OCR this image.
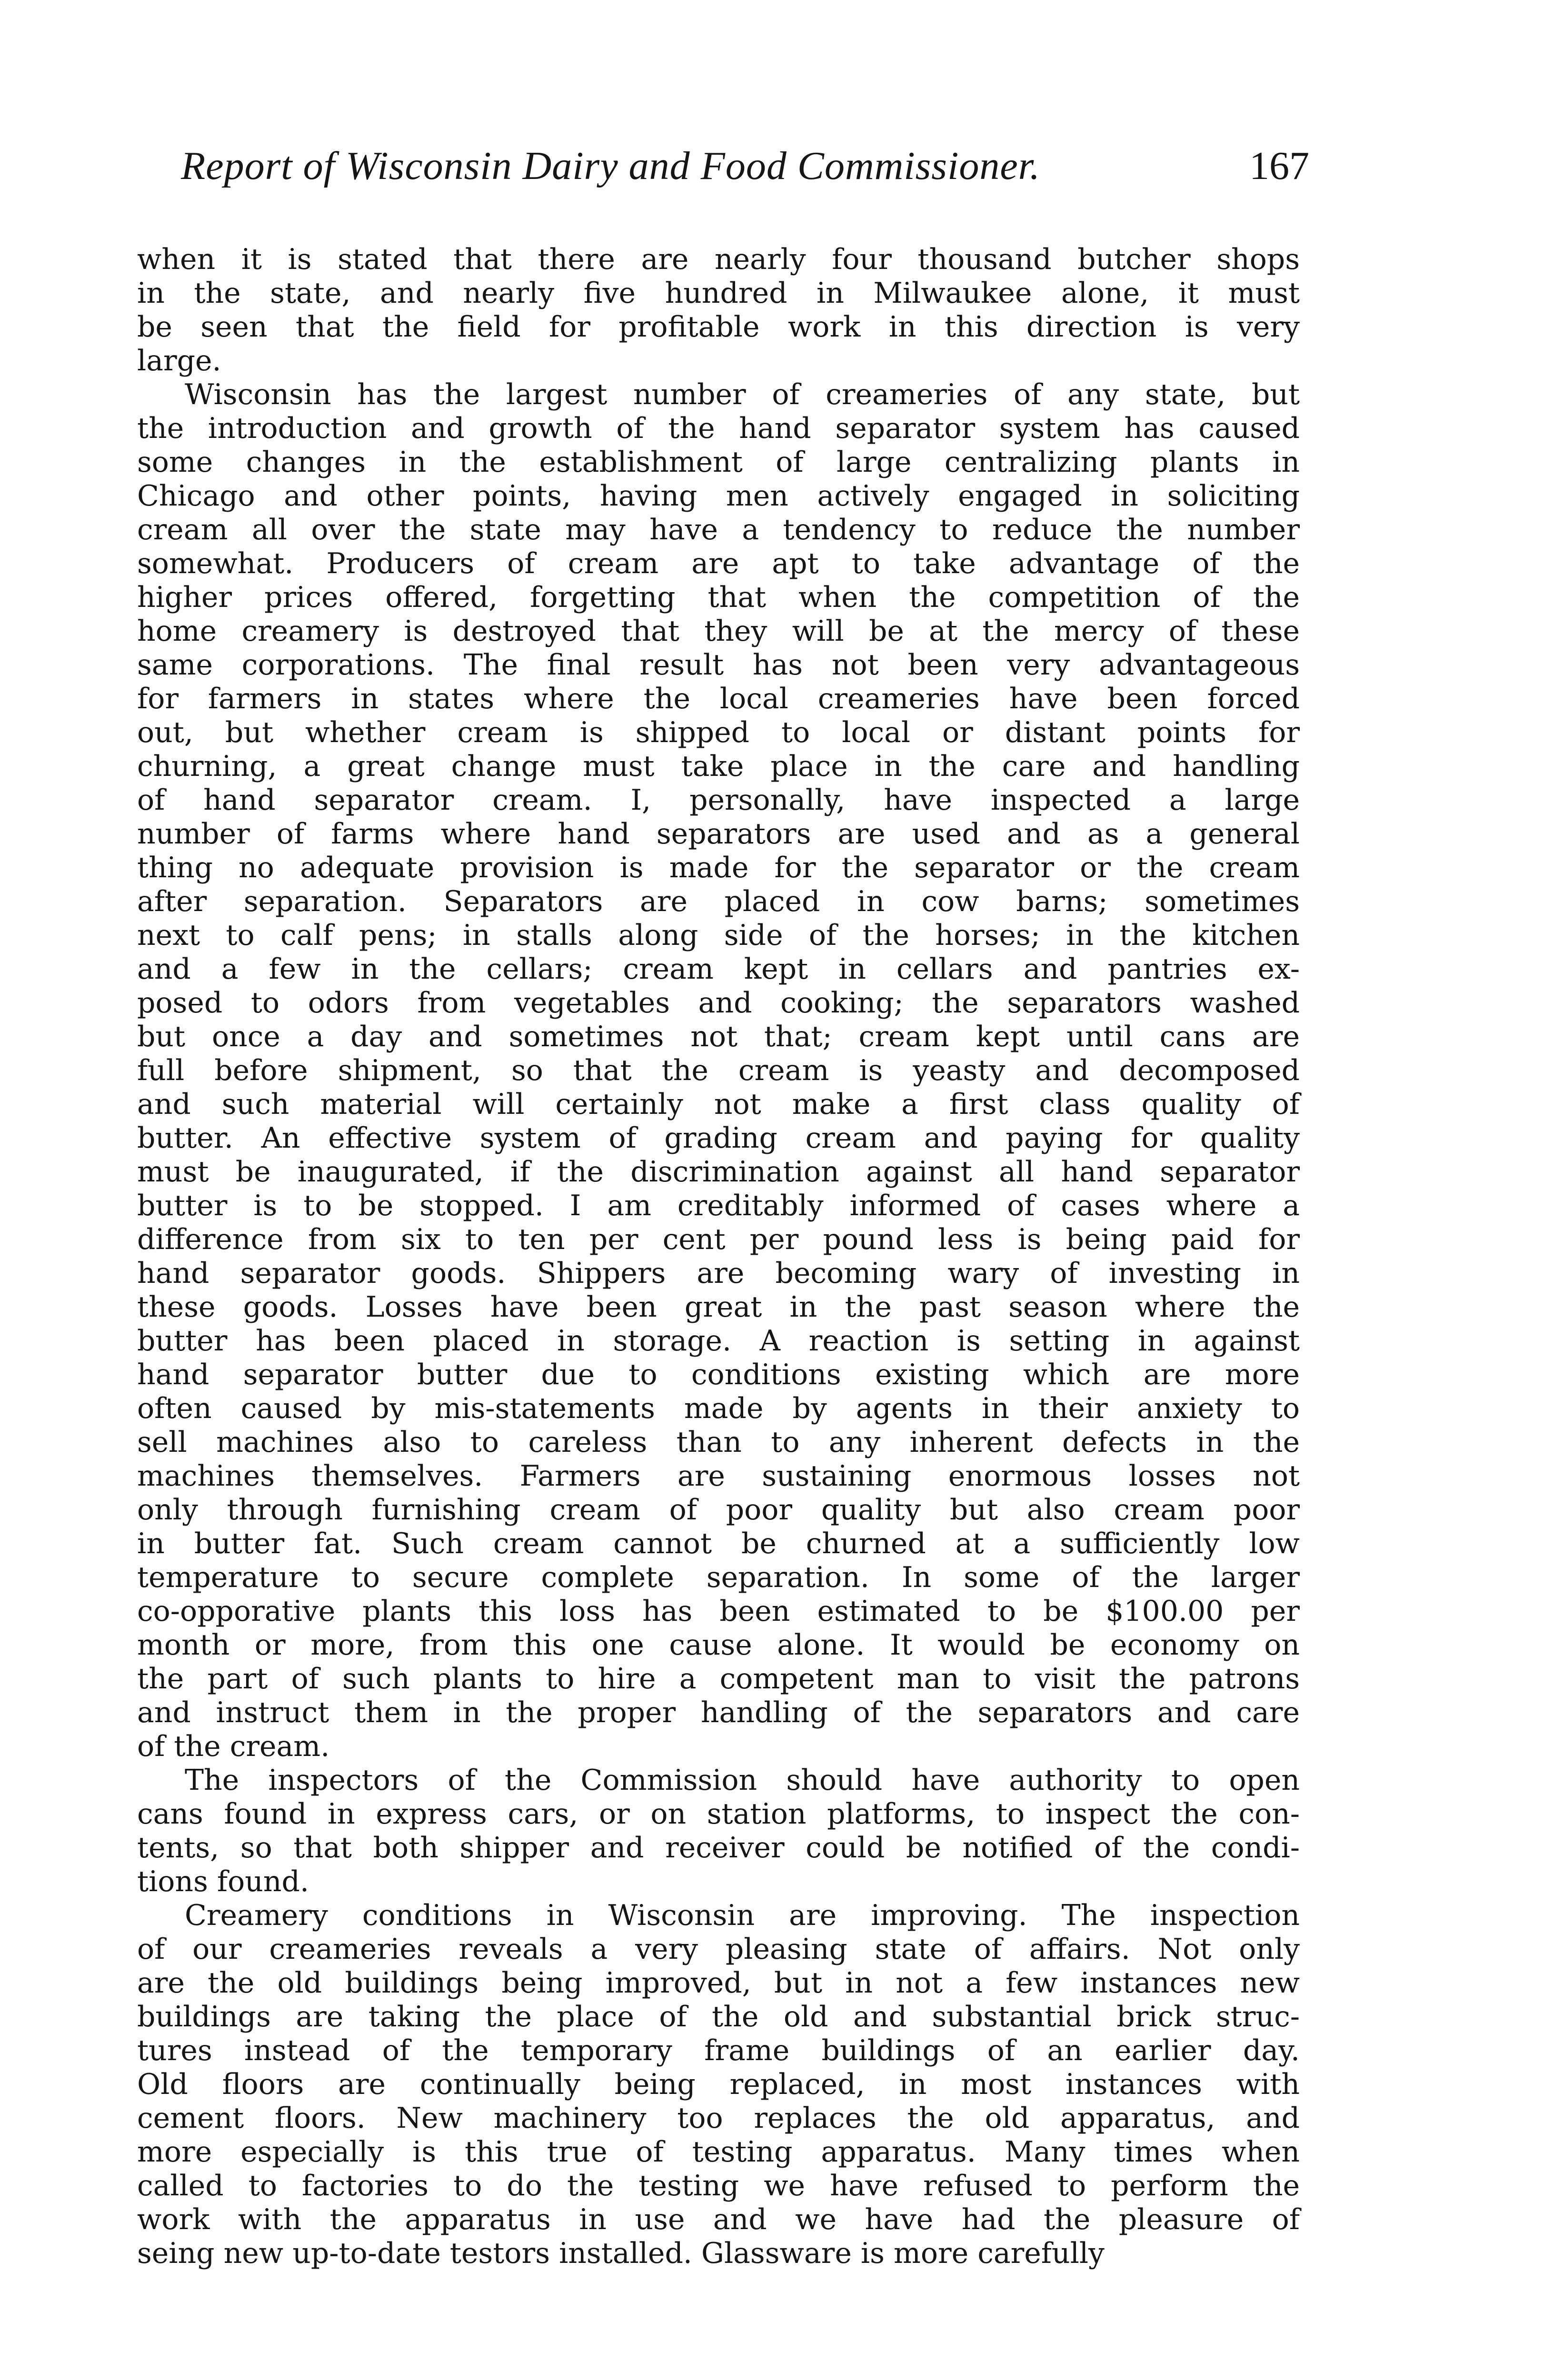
Report of Wisconsin Dairy and Food Commissioner.	167
when it is stated that there are nearly four thousand butcher shops
in the state, and nearly five hundred in Milwaukee alone, it must
be seen that the field for profitable work in this direction is very
large.
Wisconsin has the largest number of creameries of any state, but
the introduction and growth of the hand separator system has caused
some changes in the establishment of large centralizing plants in
Chicago and other points, having men actively engaged in soliciting
cream all over the state may have a tendency to reduce the number
somewhat. Producers of cream are apt to take advantage of the
higher prices offered, forgetting that when the competition of the
home creamery is destroyed that they will be at the mercy of these
same corporations. The final result has not been very advantageous
for farmers in states where the local creameries have been forced
out, but whether cream is shipped to local or distant points for
churning, a great change must take place in the care and handling
of hand separator cream. I, personally, have inspected a large
number of farms where hand separators are used and as a general
thing no adequate provision is made for the separator or the cream
after separation. Separators are placed in cow barns; sometimes
next to calf pens; in stalls along side of the horses; in the kitchen
and a few in the cellars; cream kept in cellars and pantries ex-
posed to odors from vegetables and cooking; the separators washed
but once a day and sometimes not that; cream kept until cans are
full before shipment, so that the cream is yeasty and decomposed
and such material will certainly not make a first class quality of
butter. An effective system of grading cream and paying for quality
must be inaugurated, if the discrimination against all hand separator
butter is to be stopped. I am creditably informed of cases where a
difference from six to ten per cent per pound less is being paid for
hand separator goods. Shippers are becoming wary of investing in
these goods. Losses have been great in the past season where the
butter has been placed in storage. A reaction is setting in against
hand separator butter due to conditions existing which are more
often caused by mis-statements made by agents in their anxiety to
sell machines also to careless than to any inherent defects in the
machines themselves. Farmers are sustaining enormous losses not
only through furnishing cream of poor quality but also cream poor
in butter fat. Such cream cannot be churned at a sufficiently low
temperature to secure complete separation. In some of the larger
co-opporative plants this loss has been estimated to be $100.00 per
month or more, from this one cause alone. It would be economy on
the part of such plants to hire a competent man to visit the patrons
and instruct them in the proper handling of the separators and care
of the cream.
The inspectors of the Commission should have authority to open
cans found in express cars, or on station platforms, to inspect the con-
tents, so that both shipper and receiver could be notified of the condi-
tions found.
Creamery conditions in Wisconsin are improving. The inspection
of our creameries reveals a very pleasing state of affairs. Not only
are the old buildings being improved, but in not a few instances new
buildings are taking the place of the old and substantial brick struc-
tures instead of the temporary frame buildings of an earlier day.
Old floors are continually being replaced, in most instances with
cement floors. New machinery too replaces the old apparatus, and
more especially is this true of testing apparatus. Many times when
called to factories to do the testing we have refused to perform the
work with the apparatus in use and we have had the pleasure of
seing new up-to-date testors installed. Glassware is more carefully
